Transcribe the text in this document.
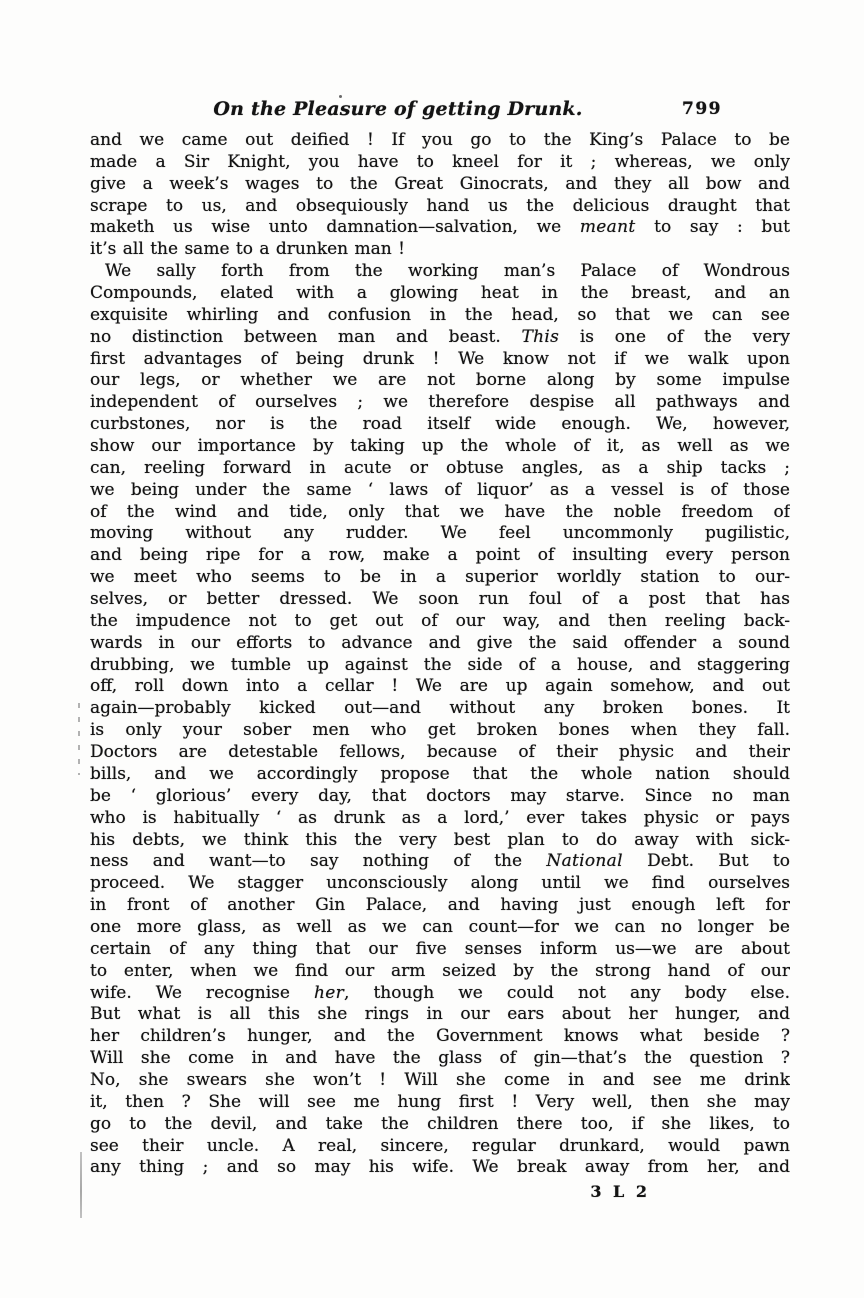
On the Pleasure of getting Drunk.	799
and we came out deified ! If you go to the King’s Palace to be
made a Sir Knight, you have to kneel for it ; whereas, we only
give a week’s wages to the Great Ginocrats, and they all bow and
scrape to us, and obsequiously hand us the delicious draught that
maketh us wise unto damnation—salvation, we meant to say : but
it’s all the same to a drunken man !
We sally forth from the working man’s Palace of Wondrous
Compounds, elated with a glowing heat in the breast, and an
exquisite whirling and confusion in the head, so that we can see
no distinction between man and beast. This is one of the very
first advantages of being drunk ! We know not if we walk upon
our legs, or whether we are not borne along by some impulse
independent of ourselves ; we therefore despise all pathways and
curbstones, nor is the road itself wide enough. We, however,
show our importance by taking up the whole of it, as well as we
can, reeling forward in acute or obtuse angles, as a ship tacks ;
we being under the same ‘ laws of liquor’ as a vessel is of those
of the wind and tide, only that we have the noble freedom of
moving without any rudder. We feel uncommonly pugilistic,
and being ripe for a row, make a point of insulting every person
we meet who seems to be in a superior worldly station to our-
selves, or better dressed. We soon run foul of a post that has
the impudence not to get out of our way, and then reeling back-
wards in our efforts to advance and give the said offender a sound
drubbing, we tumble up against the side of a house, and staggering
off, roll down into a cellar ! We are up again somehow, and out
again—probably kicked out—and without any broken bones. It
is only your sober men who get broken bones when they fall.
Doctors are detestable fellows, because of their physic and their
bills, and we accordingly propose that the whole nation should
be ‘ glorious’ every day, that doctors may starve. Since no man
who is habitually ‘ as drunk as a lord,’ ever takes physic or pays
his debts, we think this the very best plan to do away with sick-
ness and want—to say nothing of the National Debt. But to
proceed. We stagger unconsciously along until we find ourselves
in front of another Gin Palace, and having just enough left for
one more glass, as well as we can count—for we can no longer be
certain of any thing that our five senses inform us—we are about
to enter, when we find our arm seized by the strong hand of our
wife. We recognise her, though we could not any body else.
But what is all this she rings in our ears about her hunger, and
her children’s hunger, and the Government knows what beside ?
Will she come in and have the glass of gin—that’s the question ?
No, she swears she won’t ! Will she come in and see me drink
it, then ? She will see me hung first ! Very well, then she may
go to the devil, and take the children there too, if she likes, to
see their uncle. A real, sincere, regular drunkard, would pawn
any thing ; and so may his wife. We break away from her, and
3 L 2
